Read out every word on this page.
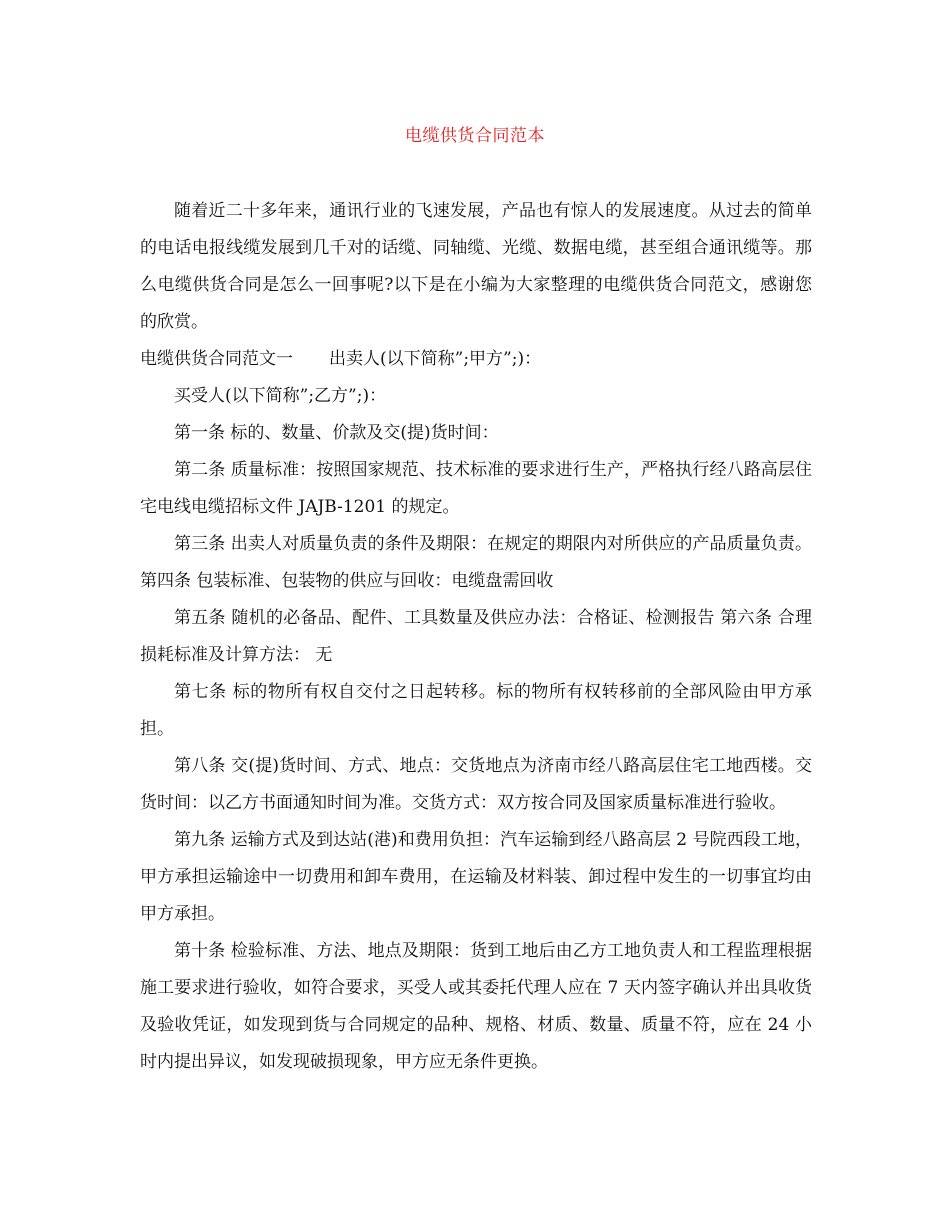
电缆供货合同范本

随着近二十多年来，通讯行业的飞速发展，产品也有惊人的发展速度。从过去的简单的电话电报线缆发展到几千对的话缆、同轴缆、光缆、数据电缆，甚至组合通讯缆等。那么电缆供货合同是怎么一回事呢?以下是在小编为大家整理的电缆供货合同范文，感谢您的欣赏。

电缆供货合同范文一 出卖人(以下简称”;甲方”;)：

买受人(以下简称”;乙方”;)：

第一条 标的、数量、价款及交(提)货时间：

第二条 质量标准：按照国家规范、技术标准的要求进行生产，严格执行经八路高层住宅电线电缆招标文件 JAJB-1201 的规定。

第三条 出卖人对质量负责的条件及期限：在规定的期限内对所供应的产品质量负责。 第四条 包装标准、包装物的供应与回收：电缆盘需回收

第五条 随机的必备品、配件、工具数量及供应办法：合格证、检测报告 第六条 合理损耗标准及计算方法： 无

第七条 标的物所有权自交付之日起转移。标的物所有权转移前的全部风险由甲方承担。

第八条 交(提)货时间、方式、地点：交货地点为济南市经八路高层住宅工地西楼。交货时间：以乙方书面通知时间为准。交货方式：双方按合同及国家质量标准进行验收。

第九条 运输方式及到达站(港)和费用负担：汽车运输到经八路高层 2 号院西段工地，甲方承担运输途中一切费用和卸车费用，在运输及材料装、卸过程中发生的一切事宜均由甲方承担。

第十条 检验标准、方法、地点及期限：货到工地后由乙方工地负责人和工程监理根据施工要求进行验收，如符合要求，买受人或其委托代理人应在 7 天内签字确认并出具收货及验收凭证，如发现到货与合同规定的品种、规格、材质、数量、质量不符，应在 24 小时内提出异议，如发现破损现象，甲方应无条件更换。
